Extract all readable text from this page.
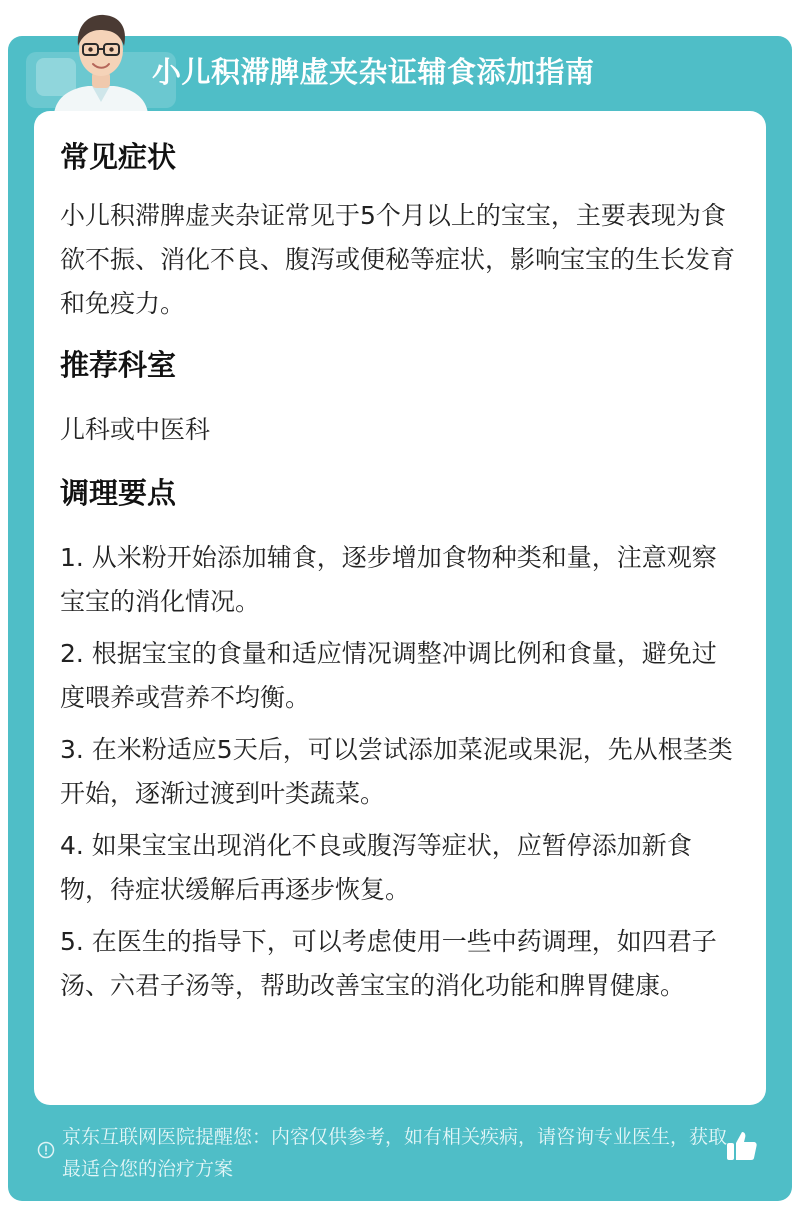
小儿积滞脾虚夹杂证辅食添加指南
常见症状
小儿积滞脾虚夹杂证常见于5个月以上的宝宝，主要表现为食欲不振、消化不良、腹泻或便秘等症状，影响宝宝的生长发育和免疫力。
推荐科室
儿科或中医科
调理要点
1. 从米粉开始添加辅食，逐步增加食物种类和量，注意观察宝宝的消化情况。
2. 根据宝宝的食量和适应情况调整冲调比例和食量，避免过度喂养或营养不均衡。
3. 在米粉适应5天后，可以尝试添加菜泥或果泥，先从根茎类开始，逐渐过渡到叶类蔬菜。
4. 如果宝宝出现消化不良或腹泻等症状，应暂停添加新食物，待症状缓解后再逐步恢复。
5. 在医生的指导下，可以考虑使用一些中药调理，如四君子汤、六君子汤等，帮助改善宝宝的消化功能和脾胃健康。
京东互联网医院提醒您：内容仅供参考，如有相关疾病，请咨询专业医生，获取最适合您的治疗方案
